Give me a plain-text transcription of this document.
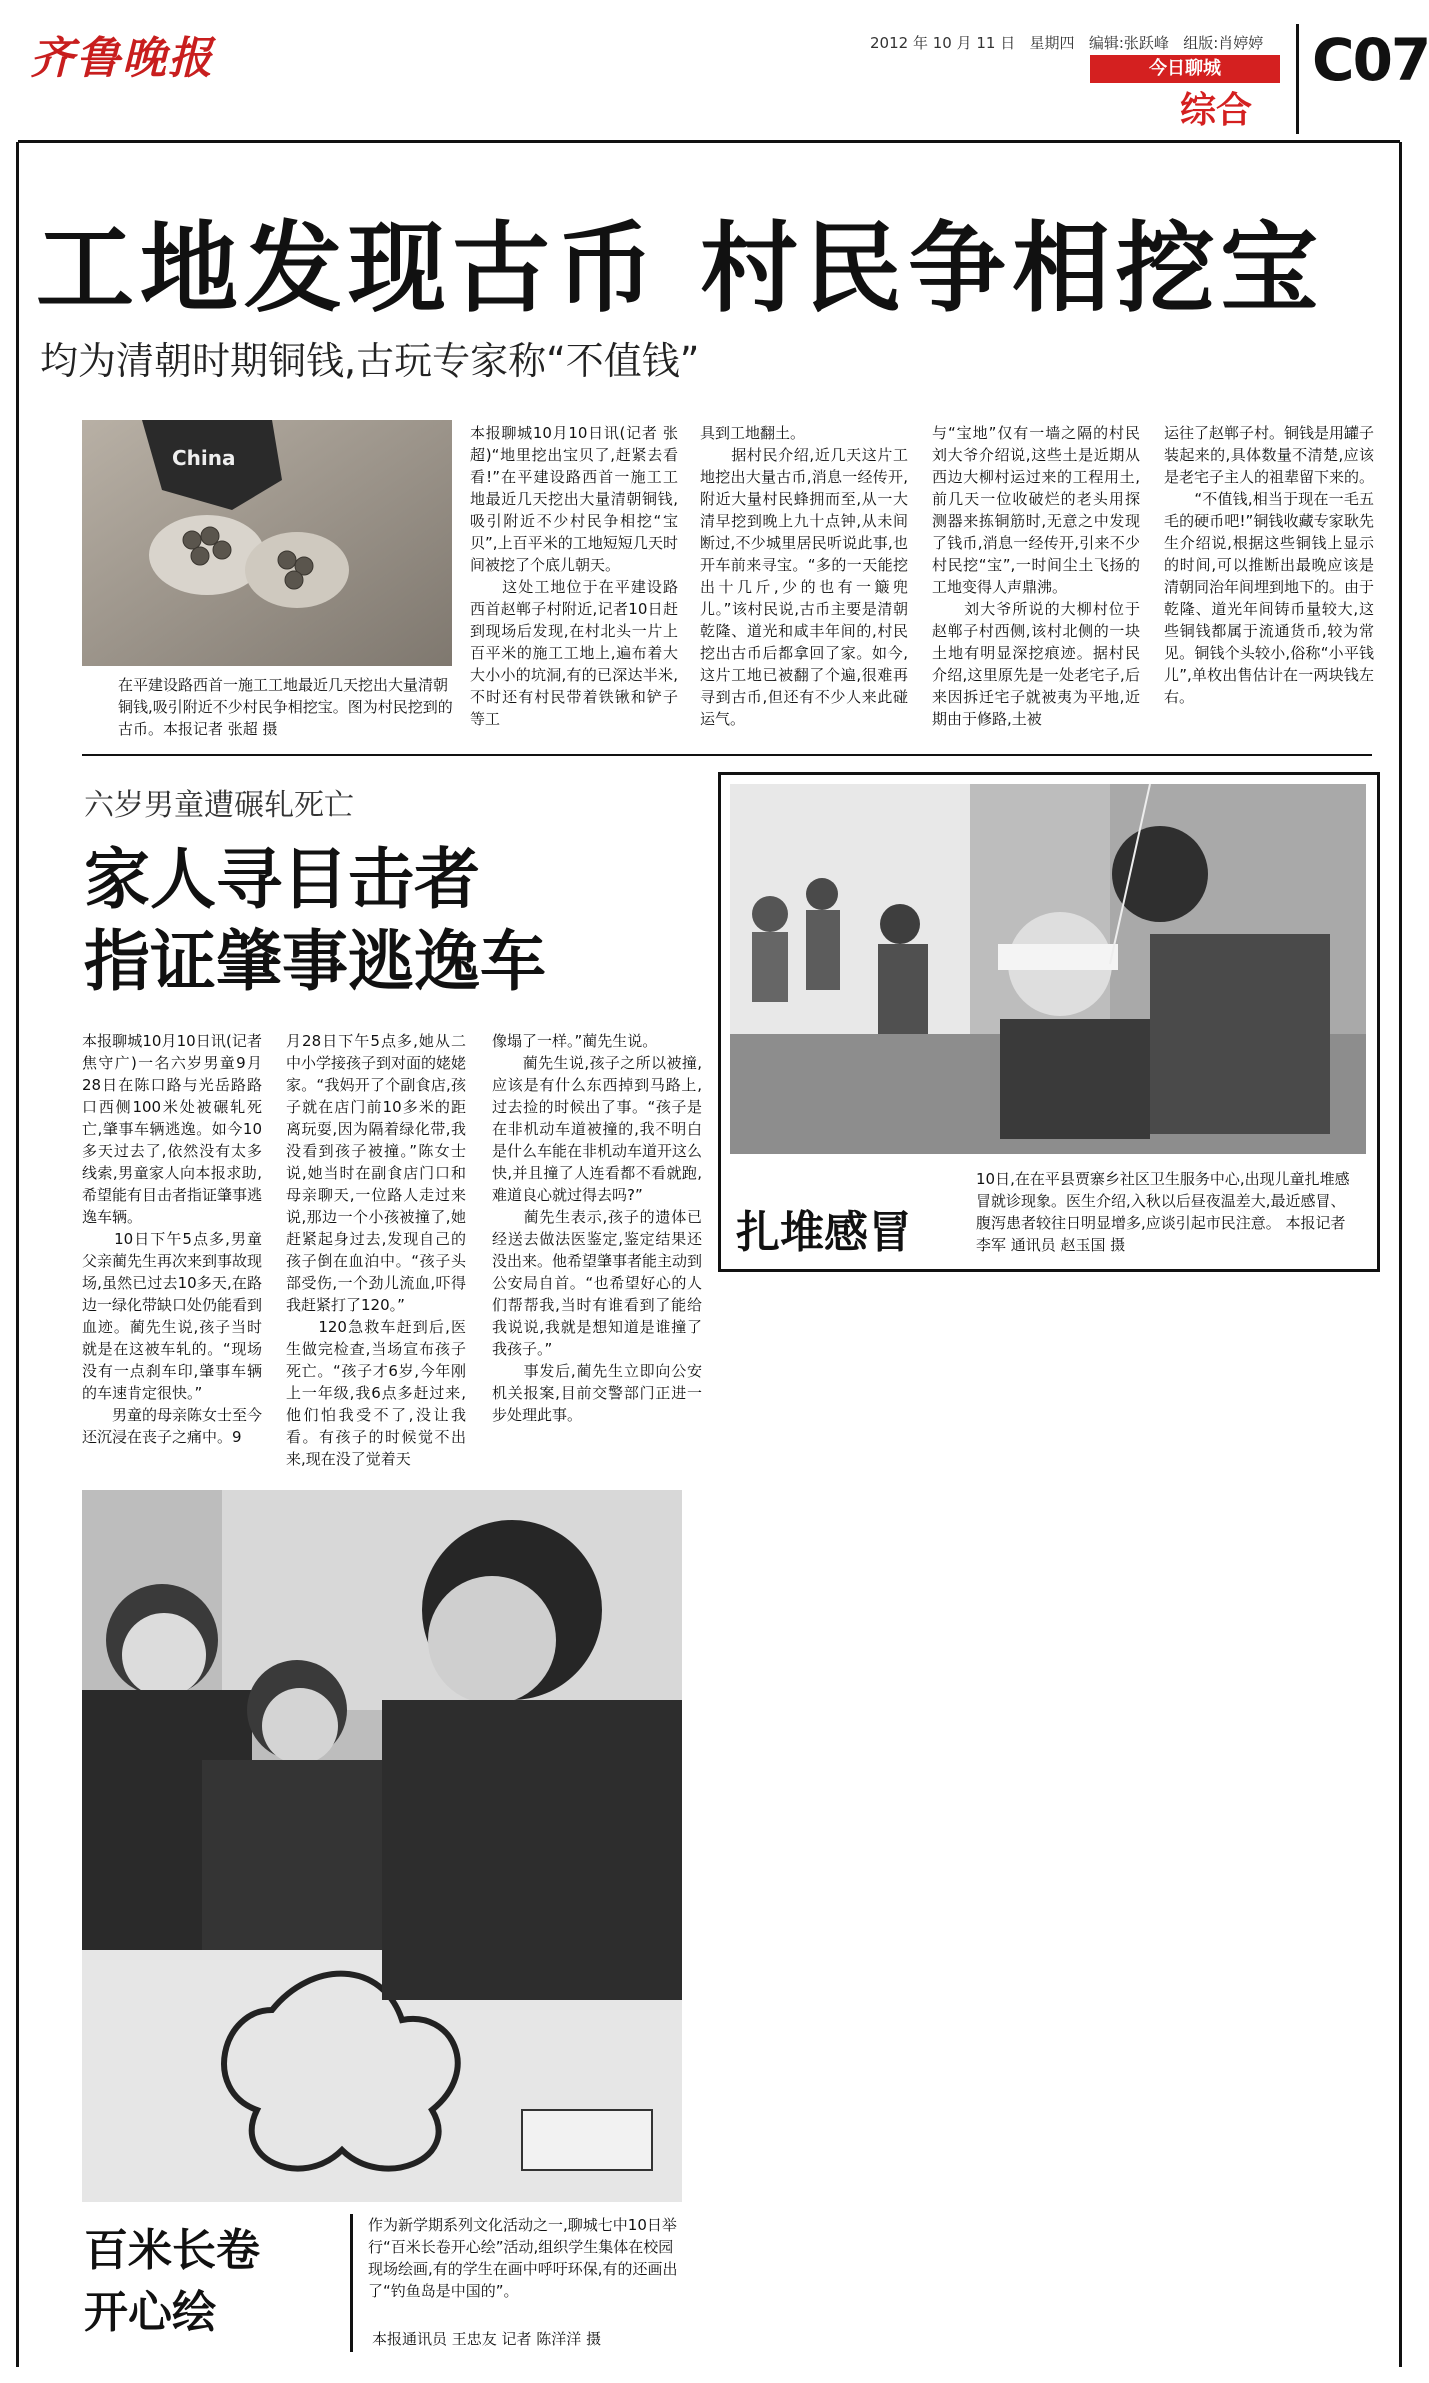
齐鲁晚报	2012 年 10 月 11 日 星期四 编辑:张跃峰 组版:肖婷婷
今日聊城
综合
C07
工地发现古币 村民争相挖宝
均为清朝时期铜钱,古玩专家称“不值钱”
China
在平建设路西首一施工工地最近几天挖出大量清朝铜钱,吸引附近不少村民争相挖宝。图为村民挖到的古币。本报记者 张超 摄
本报聊城10月10日讯(记者 张超)“地里挖出宝贝了,赶紧去看看!”在平建设路西首一施工工地最近几天挖出大量清朝铜钱,吸引附近不少村民争相挖“宝贝”,上百平米的工地短短几天时间被挖了个底儿朝天。
　　这处工地位于在平建设路西首赵郸子村附近,记者10日赶到现场后发现,在村北头一片上百平米的施工工地上,遍布着大大小小的坑洞,有的已深达半米,不时还有村民带着铁锹和铲子等工
具到工地翻土。
　　据村民介绍,近几天这片工地挖出大量古币,消息一经传开,附近大量村民蜂拥而至,从一大清早挖到晚上九十点钟,从未间断过,不少城里居民听说此事,也开车前来寻宝。“多的一天能挖出十几斤,少的也有一簸兜儿。”该村民说,古币主要是清朝乾隆、道光和咸丰年间的,村民挖出古币后都拿回了家。如今,这片工地已被翻了个遍,很难再寻到古币,但还有不少人来此碰运气。
与“宝地”仅有一墙之隔的村民刘大爷介绍说,这些土是近期从西边大柳村运过来的工程用土,前几天一位收破烂的老头用探测器来拣铜筋时,无意之中发现了钱币,消息一经传开,引来不少村民挖“宝”,一时间尘土飞扬的工地变得人声鼎沸。
　　刘大爷所说的大柳村位于赵郸子村西侧,该村北侧的一块土地有明显深挖痕迹。据村民介绍,这里原先是一处老宅子,后来因拆迁宅子就被夷为平地,近期由于修路,土被
运往了赵郸子村。铜钱是用罐子装起来的,具体数量不清楚,应该是老宅子主人的祖辈留下来的。
　　“不值钱,相当于现在一毛五毛的硬币吧!”铜钱收藏专家耿先生介绍说,根据这些铜钱上显示的时间,可以推断出最晚应该是清朝同治年间埋到地下的。由于乾隆、道光年间铸币量较大,这些铜钱都属于流通货币,较为常见。铜钱个头较小,俗称“小平钱儿”,单枚出售估计在一两块钱左右。
六岁男童遭碾轧死亡
家人寻目击者
指证肇事逃逸车
本报聊城10月10日讯(记者 焦守广)一名六岁男童9月28日在陈口路与光岳路路口西侧100米处被碾轧死亡,肇事车辆逃逸。如今10多天过去了,依然没有太多线索,男童家人向本报求助,希望能有目击者指证肇事逃逸车辆。
　　10日下午5点多,男童父亲蔺先生再次来到事故现场,虽然已过去10多天,在路边一绿化带缺口处仍能看到血迹。蔺先生说,孩子当时就是在这被车轧的。“现场没有一点刹车印,肇事车辆的车速肯定很快。”
　　男童的母亲陈女士至今还沉浸在丧子之痛中。9
月28日下午5点多,她从二中小学接孩子到对面的姥姥家。“我妈开了个副食店,孩子就在店门前10多米的距离玩耍,因为隔着绿化带,我没看到孩子被撞。”陈女士说,她当时在副食店门口和母亲聊天,一位路人走过来说,那边一个小孩被撞了,她赶紧起身过去,发现自己的孩子倒在血泊中。“孩子头部受伤,一个劲儿流血,吓得我赶紧打了120。”
　　120急救车赶到后,医生做完检查,当场宣布孩子死亡。“孩子才6岁,今年刚上一年级,我6点多赶过来,他们怕我受不了,没让我看。有孩子的时候觉不出来,现在没了觉着天
像塌了一样。”蔺先生说。
　　蔺先生说,孩子之所以被撞,应该是有什么东西掉到马路上,过去捡的时候出了事。“孩子是在非机动车道被撞的,我不明白是什么车能在非机动车道开这么快,并且撞了人连看都不看就跑,难道良心就过得去吗?”
　　蔺先生表示,孩子的遗体已经送去做法医鉴定,鉴定结果还没出来。他希望肇事者能主动到公安局自首。“也希望好心的人们帮帮我,当时有谁看到了能给我说说,我就是想知道是谁撞了我孩子。”
　　事发后,蔺先生立即向公安机关报案,目前交警部门正进一步处理此事。
扎堆感冒
10日,在在平县贾寨乡社区卫生服务中心,出现儿童扎堆感冒就诊现象。医生介绍,入秋以后昼夜温差大,最近感冒、腹泻患者较往日明显增多,应谈引起市民注意。 本报记者 李军 通讯员 赵玉国 摄
百米长卷
开心绘
作为新学期系列文化活动之一,聊城七中10日举行“百米长卷开心绘”活动,组织学生集体在校园现场绘画,有的学生在画中呼吁环保,有的还画出了“钓鱼岛是中国的”。
本报通讯员 王忠友 记者 陈洋洋 摄
